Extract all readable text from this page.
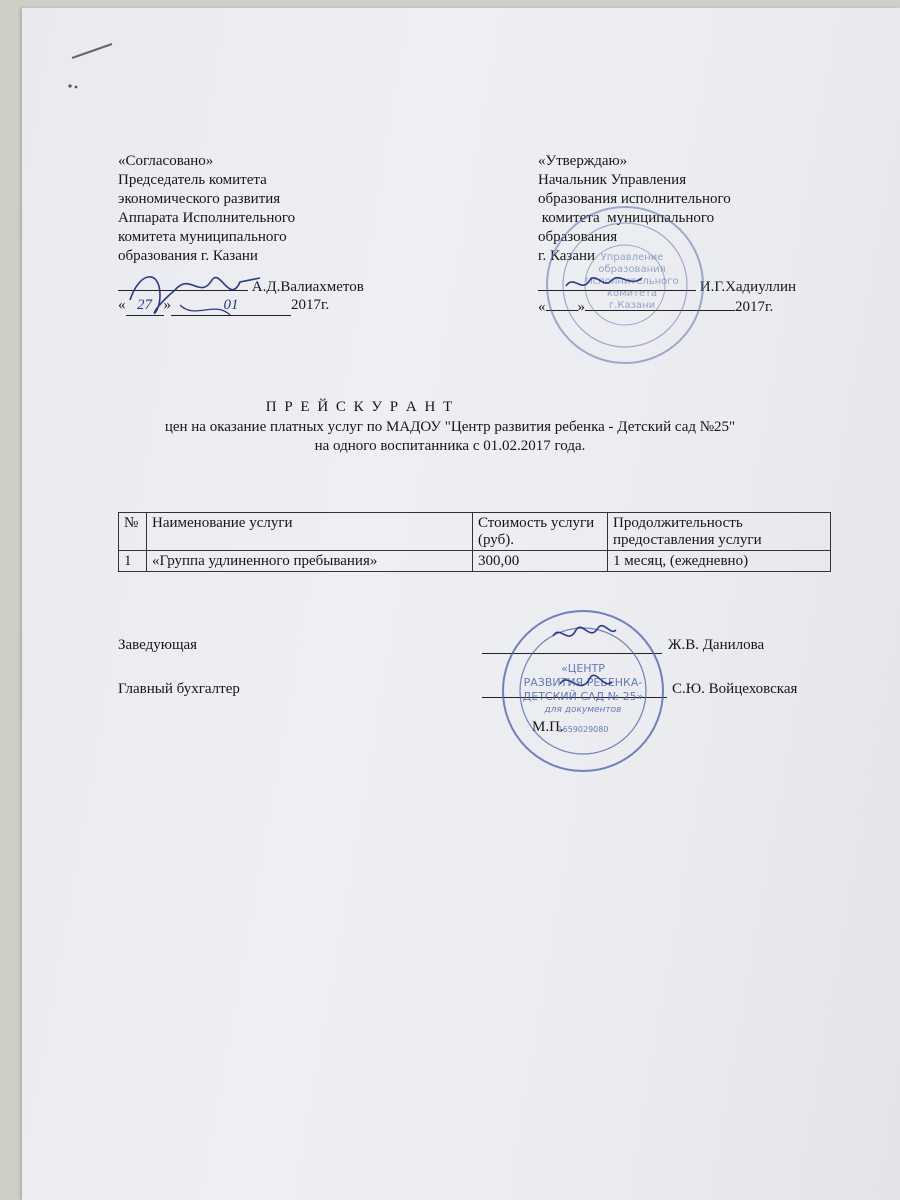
«Согласовано»
Председатель комитета
экономического развития
Аппарата Исполнительного
комитета муниципального
образования г. Казани
А.Д.Валиахметов
« 27 »	01	2017г.
«Утверждаю»
Начальник Управления
образования исполнительного
комитета  муниципального
образования
г. Казани
И.Г.Хадиуллин
« »	2017г.
Управление
образования
Исполнительного
комитета
г.Казани
П Р Е Й С К У Р А Н Т
цен на оказание платных услуг по МАДОУ "Центр развития ребенка - Детский сад №25"
на одного воспитанника с 01.02.2017 года.
№	Наименование услуги	Стоимость услуги (руб).	Продолжительность предоставления услуги
1	«Группа удлиненного пребывания»	300,00	1 месяц, (ежедневно)
Заведующая	Ж.В. Данилова
Главный бухгалтер	С.Ю. Войцеховская
М.П.
«ЦЕНТР
РАЗВИТИЯ РЕБЕНКА-
ДЕТСКИЙ САД № 25»
для документов
1659029080
